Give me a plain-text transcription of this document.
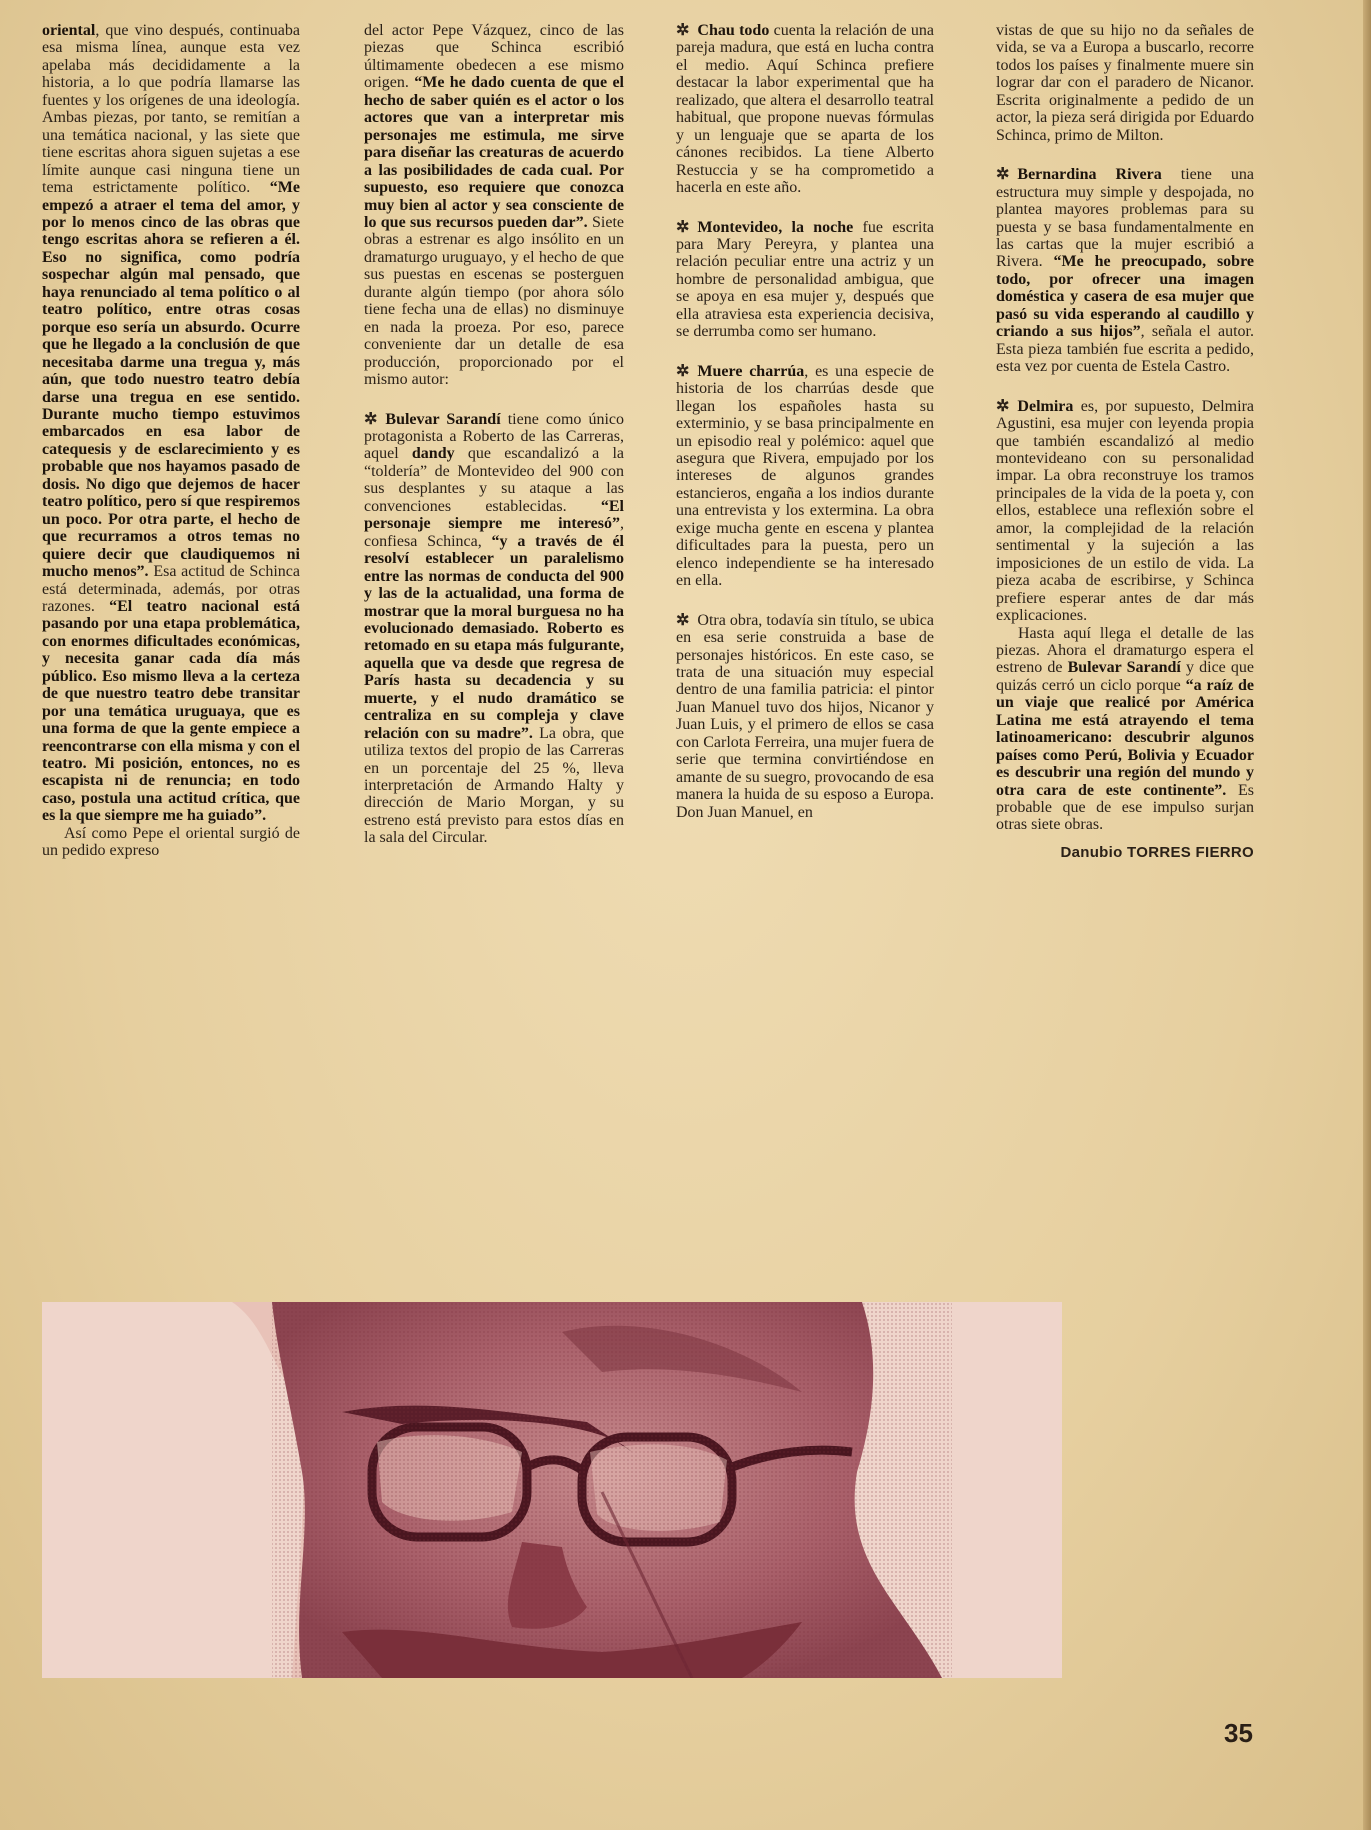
oriental, que vino después, continuaba esa misma línea, aunque esta vez apelaba más decididamente a la historia, a lo que podría llamarse las fuentes y los orígenes de una ideología. Ambas piezas, por tanto, se remitían a una temática nacional, y las siete que tiene escritas ahora siguen sujetas a ese límite aunque casi ninguna tiene un tema estrictamente político. “Me empezó a atraer el tema del amor, y por lo menos cinco de las obras que tengo escritas ahora se refieren a él. Eso no significa, como podría sospechar algún mal pensado, que haya renunciado al tema político o al teatro político, entre otras cosas porque eso sería un absurdo. Ocurre que he llegado a la conclusión de que necesitaba darme una tregua y, más aún, que todo nuestro teatro debía darse una tregua en ese sentido. Durante mucho tiempo estuvimos embarcados en esa labor de catequesis y de esclarecimiento y es probable que nos hayamos pasado de dosis. No digo que dejemos de hacer teatro político, pero sí que respiremos un poco. Por otra parte, el hecho de que recurramos a otros temas no quiere decir que claudiquemos ni mucho menos”. Esa actitud de Schinca está determinada, además, por otras razones. “El teatro nacional está pasando por una etapa problemática, con enormes dificultades económicas, y necesita ganar cada día más público. Eso mismo lleva a la certeza de que nuestro teatro debe transitar por una temática uruguaya, que es una forma de que la gente empiece a reencontrarse con ella misma y con el teatro. Mi posición, entonces, no es escapista ni de renuncia; en todo caso, postula una actitud crítica, que es la que siempre me ha guiado”.

Así como Pepe el oriental surgió de un pedido expreso

del actor Pepe Vázquez, cinco de las piezas que Schinca escribió últimamente obedecen a ese mismo origen. “Me he dado cuenta de que el hecho de saber quién es el actor o los actores que van a interpretar mis personajes me estimula, me sirve para diseñar las creaturas de acuerdo a las posibilidades de cada cual. Por supuesto, eso requiere que conozca muy bien al actor y sea consciente de lo que sus recursos pueden dar”. Siete obras a estrenar es algo insólito en un dramaturgo uruguayo, y el hecho de que sus puestas en escenas se posterguen durante algún tiempo (por ahora sólo tiene fecha una de ellas) no disminuye en nada la proeza. Por eso, parece conveniente dar un detalle de esa producción, proporcionado por el mismo autor:

✲ Bulevar Sarandí tiene como único protagonista a Roberto de las Carreras, aquel dandy que escandalizó a la “toldería” de Montevideo del 900 con sus desplantes y su ataque a las convenciones establecidas. “El personaje siempre me interesó”, confiesa Schinca, “y a través de él resolví establecer un paralelismo entre las normas de conducta del 900 y las de la actualidad, una forma de mostrar que la moral burguesa no ha evolucionado demasiado. Roberto es retomado en su etapa más fulgurante, aquella que va desde que regresa de París hasta su decadencia y su muerte, y el nudo dramático se centraliza en su compleja y clave relación con su madre”. La obra, que utiliza textos del propio de las Carreras en un porcentaje del 25 %, lleva interpretación de Armando Halty y dirección de Mario Morgan, y su estreno está previsto para estos días en la sala del Circular.

✲ Chau todo cuenta la relación de una pareja madura, que está en lucha contra el medio. Aquí Schinca prefiere destacar la labor experimental que ha realizado, que altera el desarrollo teatral habitual, que propone nuevas fórmulas y un lenguaje que se aparta de los cánones recibidos. La tiene Alberto Restuccia y se ha comprometido a hacerla en este año.

✲ Montevideo, la noche fue escrita para Mary Pereyra, y plantea una relación peculiar entre una actriz y un hombre de personalidad ambigua, que se apoya en esa mujer y, después que ella atraviesa esta experiencia decisiva, se derrumba como ser humano.

✲ Muere charrúa, es una especie de historia de los charrúas desde que llegan los españoles hasta su exterminio, y se basa principalmente en un episodio real y polémico: aquel que asegura que Rivera, empujado por los intereses de algunos grandes estancieros, engaña a los indios durante una entrevista y los extermina. La obra exige mucha gente en escena y plantea dificultades para la puesta, pero un elenco independiente se ha interesado en ella.

✲ Otra obra, todavía sin título, se ubica en esa serie construida a base de personajes históricos. En este caso, se trata de una situación muy especial dentro de una familia patricia: el pintor Juan Manuel tuvo dos hijos, Nicanor y Juan Luis, y el primero de ellos se casa con Carlota Ferreira, una mujer fuera de serie que termina convirtiéndose en amante de su suegro, provocando de esa manera la huida de su esposo a Europa. Don Juan Manuel, en

vistas de que su hijo no da señales de vida, se va a Europa a buscarlo, recorre todos los países y finalmente muere sin lograr dar con el paradero de Nicanor. Escrita originalmente a pedido de un actor, la pieza será dirigida por Eduardo Schinca, primo de Milton.

✲ Bernardina Rivera tiene una estructura muy simple y despojada, no plantea mayores problemas para su puesta y se basa fundamentalmente en las cartas que la mujer escribió a Rivera. “Me he preocupado, sobre todo, por ofrecer una imagen doméstica y casera de esa mujer que pasó su vida esperando al caudillo y criando a sus hijos”, señala el autor. Esta pieza también fue escrita a pedido, esta vez por cuenta de Estela Castro.

✲ Delmira es, por supuesto, Delmira Agustini, esa mujer con leyenda propia que también escandalizó al medio montevideano con su personalidad impar. La obra reconstruye los tramos principales de la vida de la poeta y, con ellos, establece una reflexión sobre el amor, la complejidad de la relación sentimental y la sujeción a las imposiciones de un estilo de vida. La pieza acaba de escribirse, y Schinca prefiere esperar antes de dar más explicaciones.

Hasta aquí llega el detalle de las piezas. Ahora el dramaturgo espera el estreno de Bulevar Sarandí y dice que quizás cerró un ciclo porque “a raíz de un viaje que realicé por América Latina me está atrayendo el tema latinoamericano: descubrir algunos países como Perú, Bolivia y Ecuador es descubrir una región del mundo y otra cara de este continente”. Es probable que de ese impulso surjan otras siete obras.

Danubio TORRES FIERRO
35
